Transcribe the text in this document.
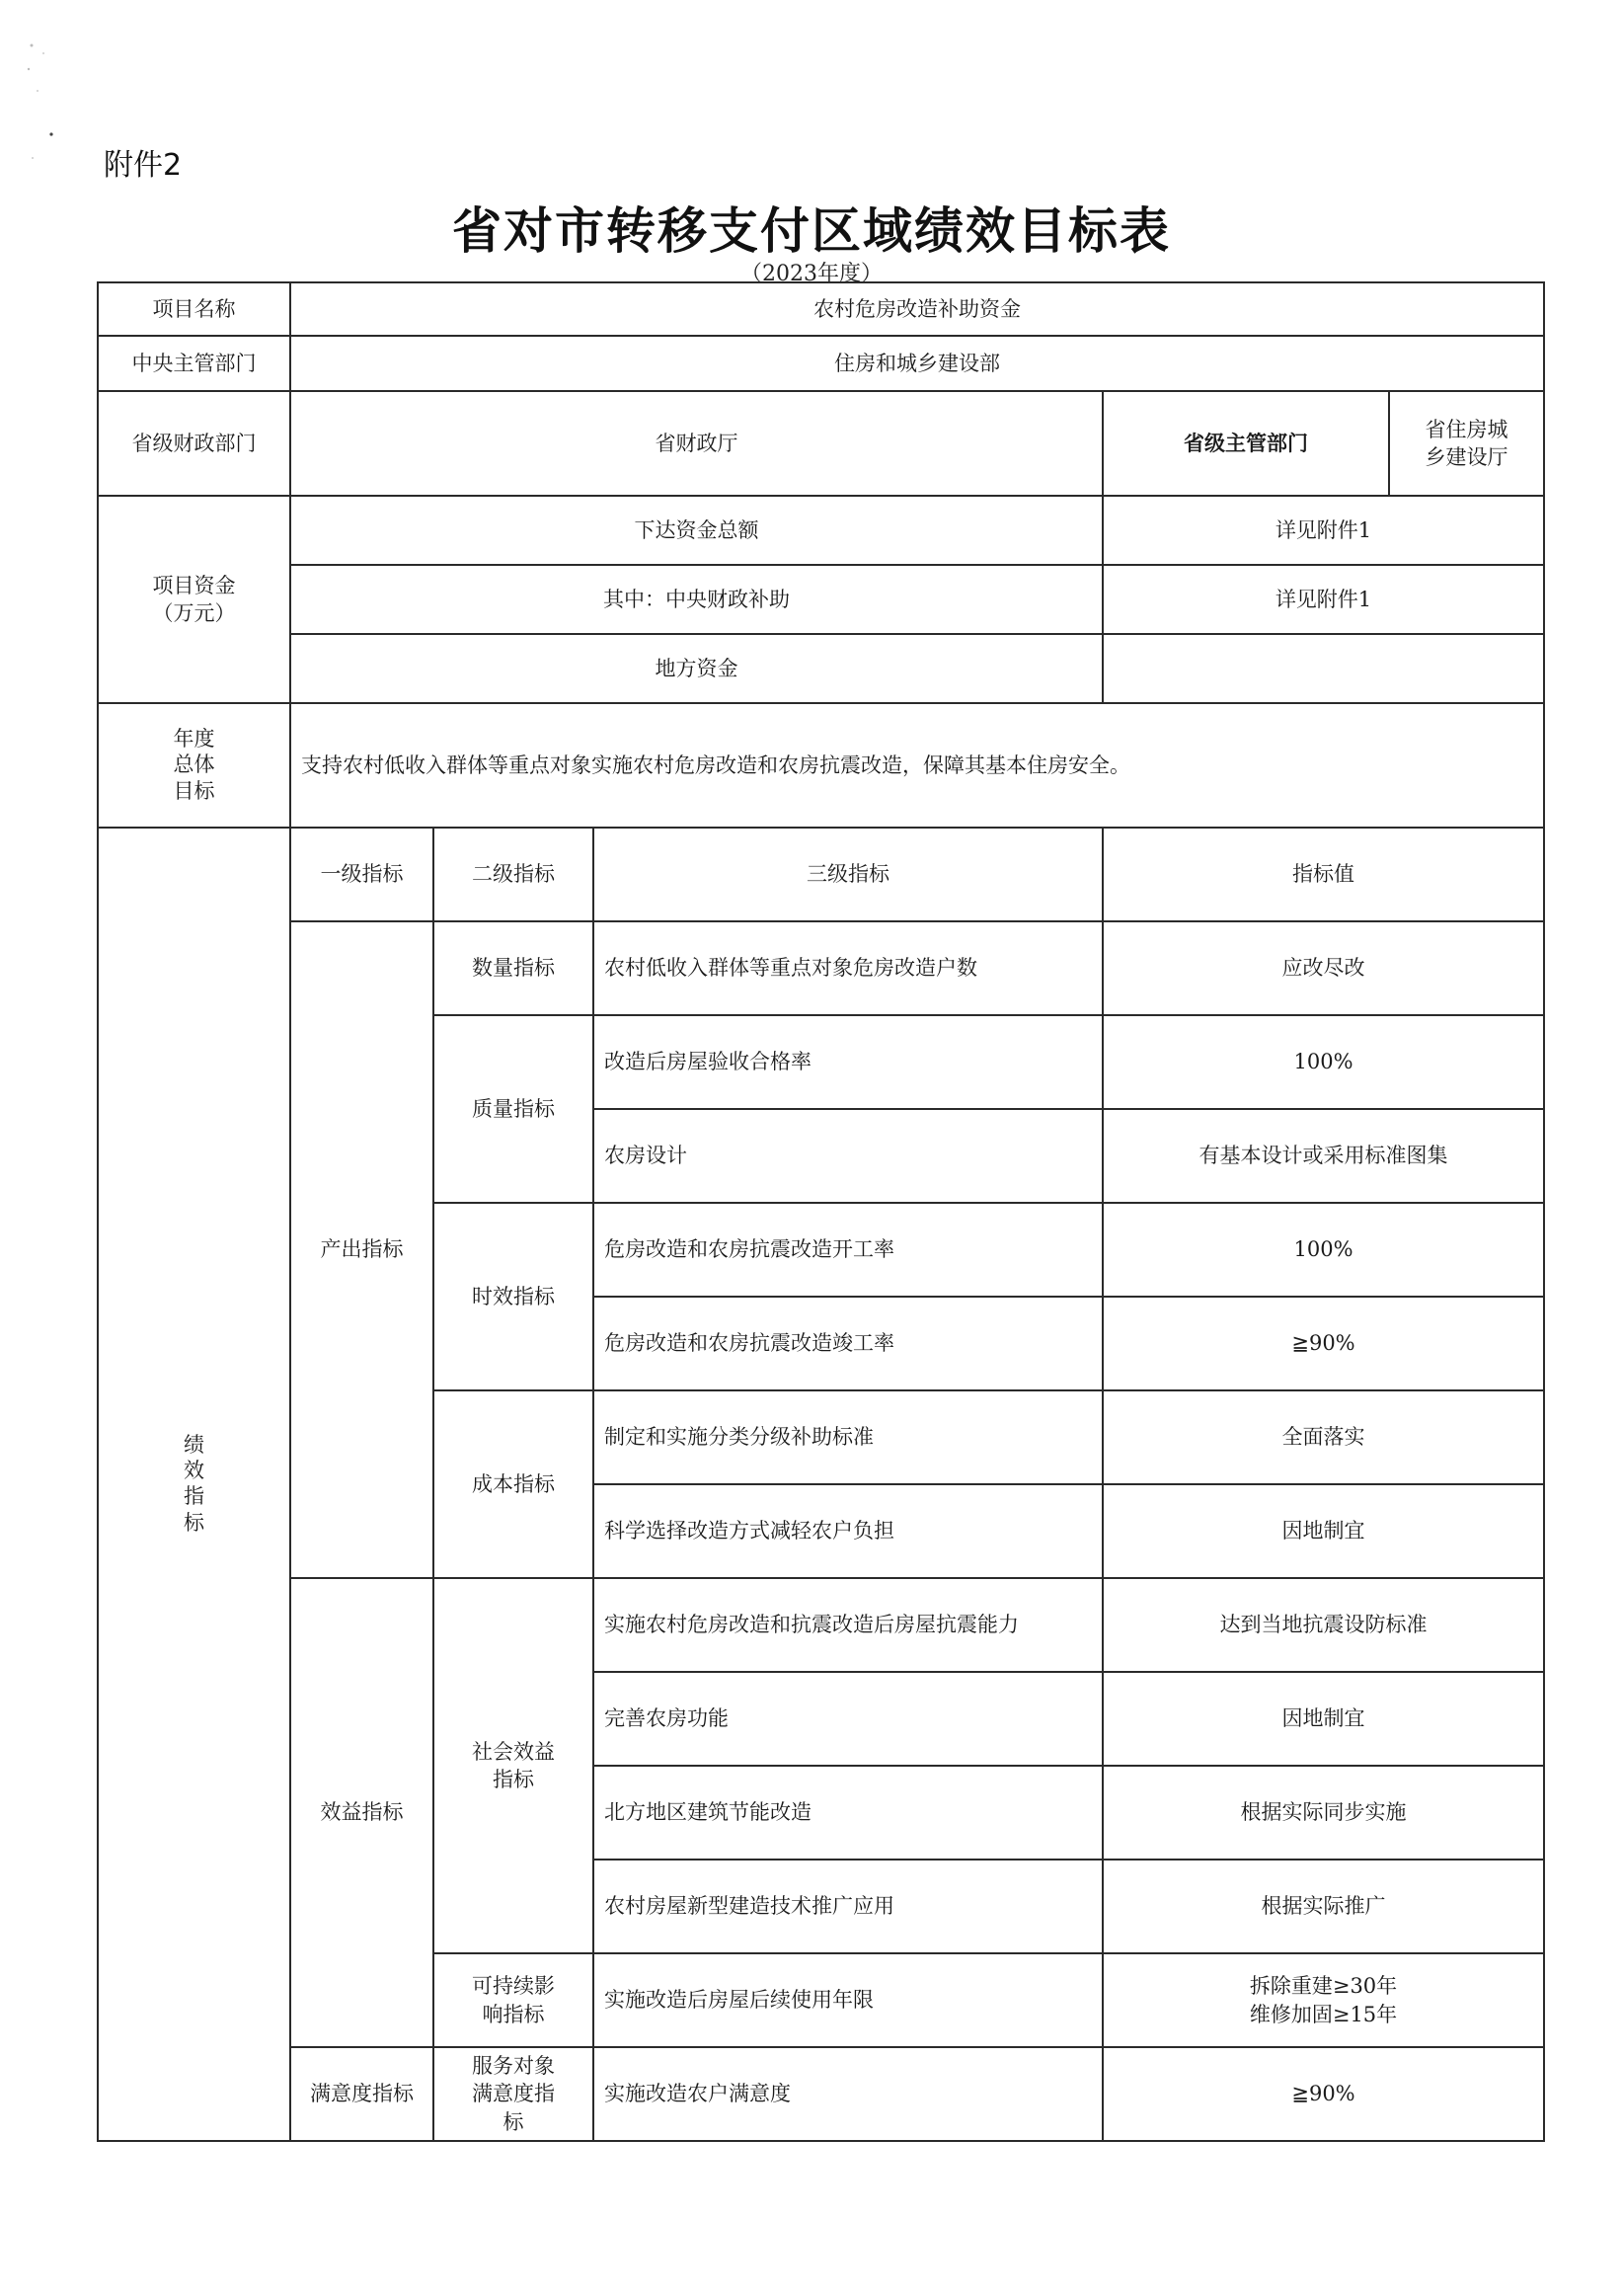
附件2
省对市转移支付区域绩效目标表
（2023年度）
项目名称	农村危房改造补助资金				
中央主管部门	住房和城乡建设部				
省级财政部门	省财政厅			省级主管部门	省住房城乡建设厅
项目资金（万元）	下达资金总额			详见附件1	
	其中：中央财政补助			详见附件1	
	地方资金				
年度总体目标	支持农村低收入群体等重点对象实施农村危房改造和农房抗震改造，保障其基本住房安全。				
绩效指标	一级指标	二级指标	三级指标	指标值	
	产出指标	数量指标	农村低收入群体等重点对象危房改造户数	应改尽改	
		质量指标	改造后房屋验收合格率	100%	
			农房设计	有基本设计或采用标准图集	
		时效指标	危房改造和农房抗震改造开工率	100%	
			危房改造和农房抗震改造竣工率	≧90%	
		成本指标	制定和实施分类分级补助标准	全面落实	
			科学选择改造方式减轻农户负担	因地制宜	
	效益指标	社会效益指标	实施农村危房改造和抗震改造后房屋抗震能力	达到当地抗震设防标准	
			完善农房功能	因地制宜	
			北方地区建筑节能改造	根据实际同步实施	
			农村房屋新型建造技术推广应用	根据实际推广	
		可持续影响指标	实施改造后房屋后续使用年限	拆除重建≥30年
维修加固≥15年	

	满意度指标	服务对象满意度指标	实施改造农户满意度	≧90%	
